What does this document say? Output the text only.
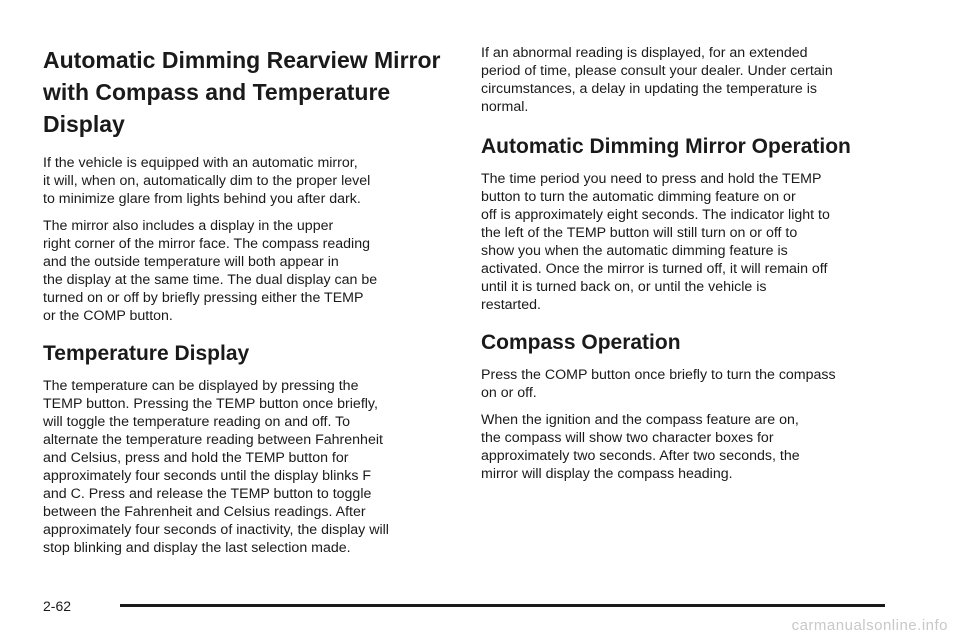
Automatic Dimming Rearview Mirror
with Compass and Temperature
Display

If the vehicle is equipped with an automatic mirror,
it will, when on, automatically dim to the proper level
to minimize glare from lights behind you after dark.

The mirror also includes a display in the upper
right corner of the mirror face. The compass reading
and the outside temperature will both appear in
the display at the same time. The dual display can be
turned on or off by briefly pressing either the TEMP
or the COMP button.

Temperature Display

The temperature can be displayed by pressing the
TEMP button. Pressing the TEMP button once briefly,
will toggle the temperature reading on and off. To
alternate the temperature reading between Fahrenheit
and Celsius, press and hold the TEMP button for
approximately four seconds until the display blinks F
and C. Press and release the TEMP button to toggle
between the Fahrenheit and Celsius readings. After
approximately four seconds of inactivity, the display will
stop blinking and display the last selection made.

If an abnormal reading is displayed, for an extended
period of time, please consult your dealer. Under certain
circumstances, a delay in updating the temperature is
normal.

Automatic Dimming Mirror Operation

The time period you need to press and hold the TEMP
button to turn the automatic dimming feature on or
off is approximately eight seconds. The indicator light to
the left of the TEMP button will still turn on or off to
show you when the automatic dimming feature is
activated. Once the mirror is turned off, it will remain off
until it is turned back on, or until the vehicle is
restarted.

Compass Operation

Press the COMP button once briefly to turn the compass
on or off.

When the ignition and the compass feature are on,
the compass will show two character boxes for
approximately two seconds. After two seconds, the
mirror will display the compass heading.

2-62
carmanualsonline.info
